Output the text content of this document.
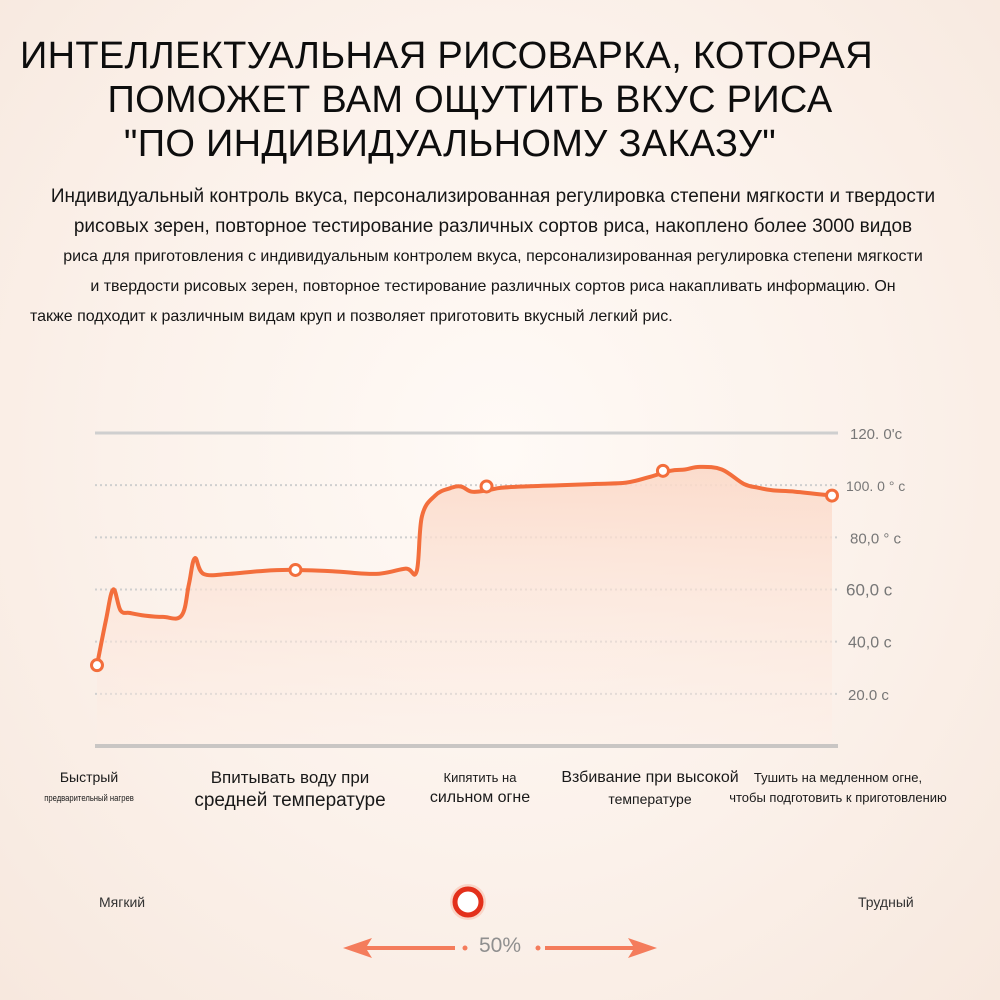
ИНТЕЛЛЕКТУАЛЬНАЯ РИСОВАРКА, КОТОРАЯ
ПОМОЖЕТ ВАМ ОЩУТИТЬ ВКУС РИСА
"ПО ИНДИВИДУАЛЬНОМУ ЗАКАЗУ"
Индивидуальный контроль вкуса, персонализированная регулировка степени мягкости и твердости
рисовых зерен, повторное тестирование различных сортов риса, накоплено более 3000 видов
риса для приготовления с индивидуальным контролем вкуса, персонализированная регулировка степени мягкости
и твердости рисовых зерен, повторное тестирование различных сортов риса накапливать информацию. Он
также подходит к различным видам круп и позволяет приготовить вкусный легкий рис.
20.0 c
40,0 c
60,0 c
80,0 ° c
100. 0 ° c
120. 0'c
Быстрый
предварительный нагрев
Впитывать воду при
средней температуре
Кипятить на
сильном огне
Взбивание при высокой
температуре
Тушить на медленном огне,
чтобы подготовить к приготовлению
Мягкий	Трудный
50%
